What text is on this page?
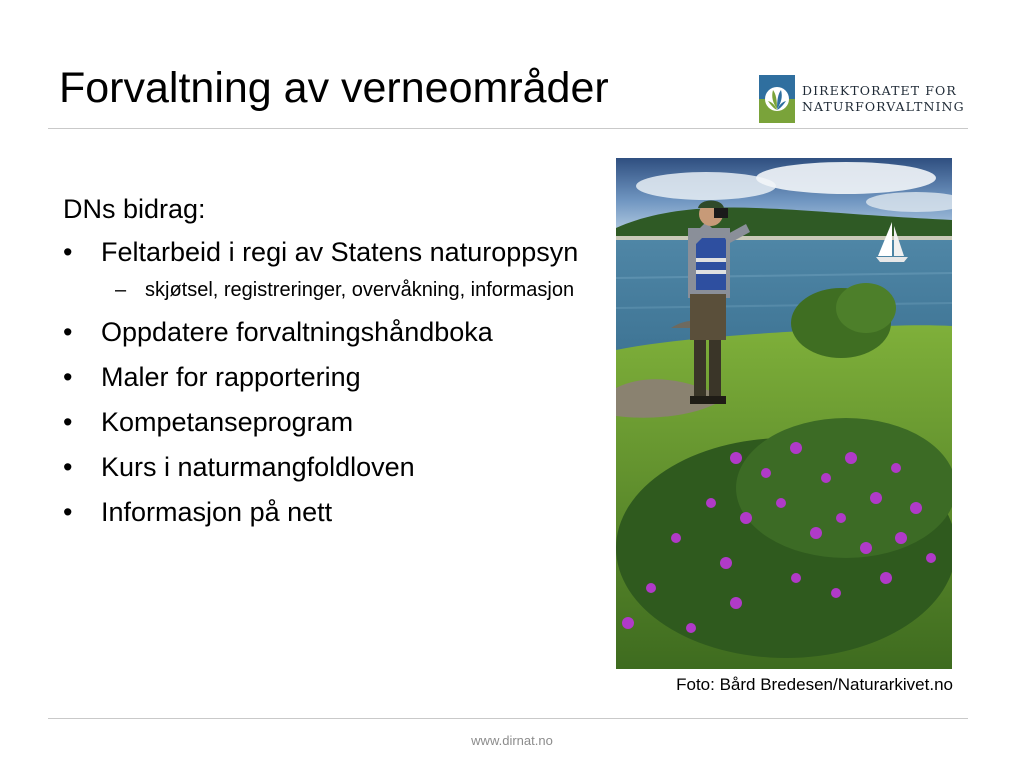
Forvaltning av verneområder	DIREKTORATET FOR
NATURFORVALTNING

DNs bidrag:

• Feltarbeid i regi av Statens naturoppsyn
– skjøtsel, registreringer, overvåkning, informasjon
• Oppdatere forvaltningshåndboka
• Maler for rapportering
• Kompetanseprogram
• Kurs i naturmangfoldloven
• Informasjon på nett
Foto: Bård Bredesen/Naturarkivet.no
www.dirnat.no
